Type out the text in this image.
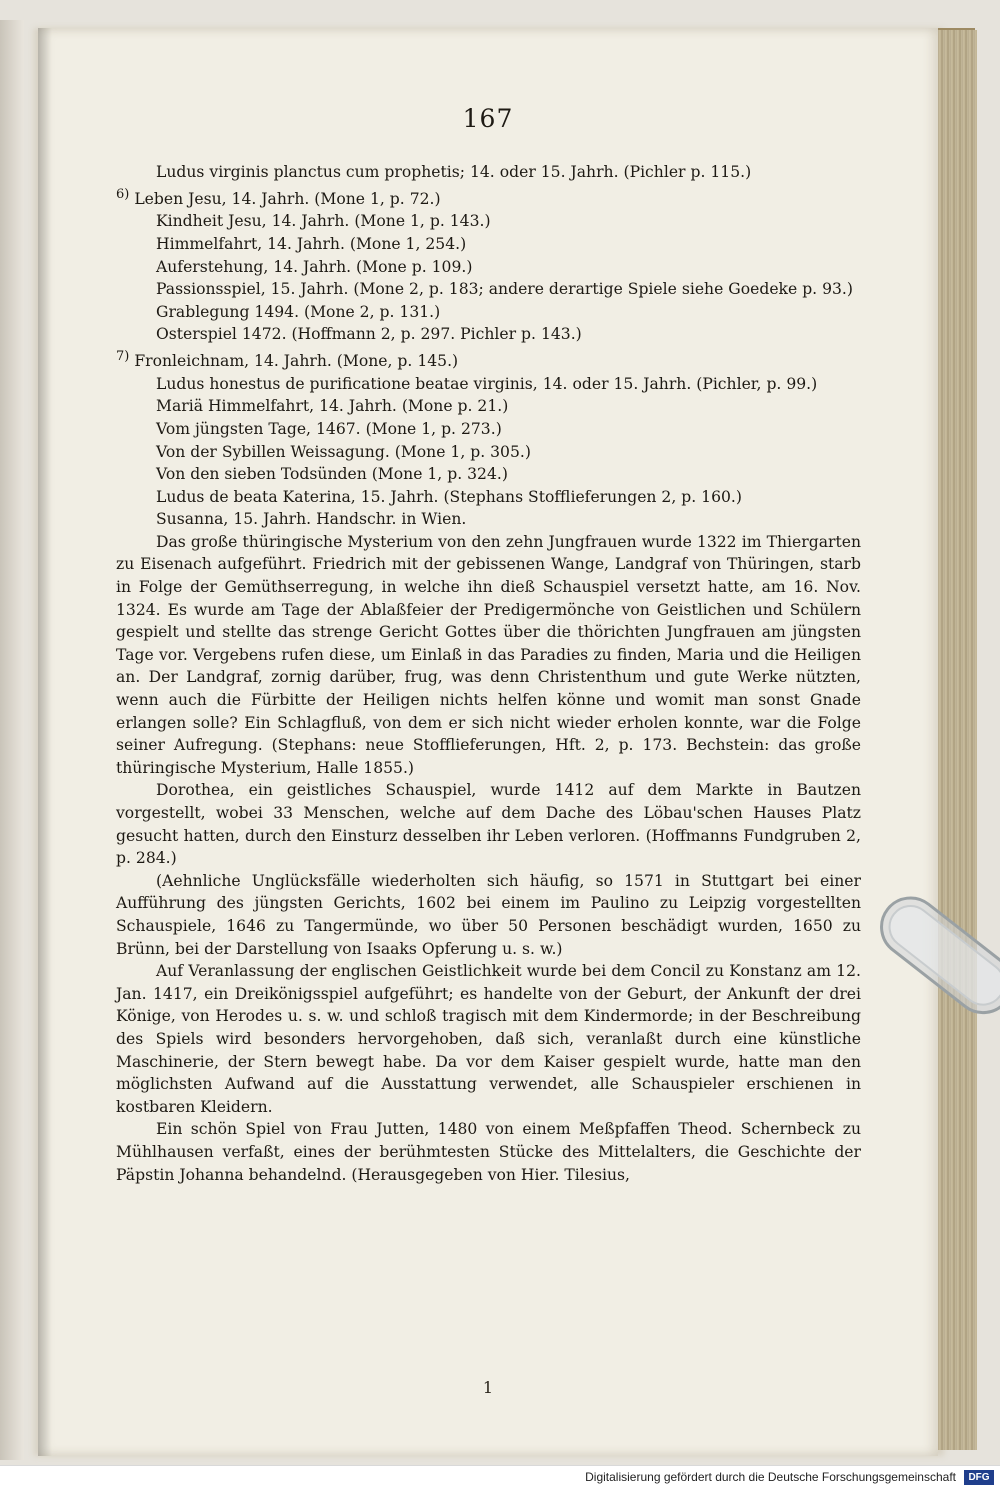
167

Ludus virginis planctus cum prophetis; 14. oder 15. Jahrh. (Pichler p. 115.)

$^{6)}$ Leben Jesu, 14. Jahrh. (Mone 1, p. 72.)

Kindheit Jesu, 14. Jahrh. (Mone 1, p. 143.)

Himmelfahrt, 14. Jahrh. (Mone 1, 254.)

Auferstehung, 14. Jahrh. (Mone p. 109.)

Passionsspiel, 15. Jahrh. (Mone 2, p. 183; andere derartige Spiele siehe Goedeke p. 93.)

Grablegung 1494. (Mone 2, p. 131.)

Osterspiel 1472. (Hoffmann 2, p. 297. Pichler p. 143.)

$^{7)}$ Fronleichnam, 14. Jahrh. (Mone, p. 145.)

Ludus honestus de purificatione beatae virginis, 14. oder 15. Jahrh. (Pichler, p. 99.)

Mariä Himmelfahrt, 14. Jahrh. (Mone p. 21.)

Vom jüngsten Tage, 1467. (Mone 1, p. 273.)

Von der Sybillen Weissagung. (Mone 1, p. 305.)

Von den sieben Todsünden (Mone 1, p. 324.)

Ludus de beata Katerina, 15. Jahrh. (Stephans Stofflieferungen 2, p. 160.)

Susanna, 15. Jahrh. Handschr. in Wien.

Das große thüringische Mysterium von den zehn Jungfrauen wurde 1322 im Thiergarten zu Eisenach aufgeführt. Friedrich mit der gebissenen Wange, Landgraf von Thüringen, starb in Folge der Gemüthserregung, in welche ihn dieß Schauspiel versetzt hatte, am 16. Nov. 1324. Es wurde am Tage der Ablaßfeier der Predigermönche von Geistlichen und Schülern gespielt und stellte das strenge Gericht Gottes über die thörichten Jungfrauen am jüngsten Tage vor. Vergebens rufen diese, um Einlaß in das Paradies zu finden, Maria und die Heiligen an. Der Landgraf, zornig darüber, frug, was denn Christenthum und gute Werke nützten, wenn auch die Fürbitte der Heiligen nichts helfen könne und womit man sonst Gnade erlangen solle? Ein Schlagfluß, von dem er sich nicht wieder erholen konnte, war die Folge seiner Aufregung. (Stephans: neue Stofflieferungen, Hft. 2, p. 173. Bechstein: das große thüringische Mysterium, Halle 1855.)

Dorothea, ein geistliches Schauspiel, wurde 1412 auf dem Markte in Bautzen vorgestellt, wobei 33 Menschen, welche auf dem Dache des Löbau'schen Hauses Platz gesucht hatten, durch den Einsturz desselben ihr Leben verloren. (Hoffmanns Fundgruben 2, p. 284.)

(Aehnliche Unglücksfälle wiederholten sich häufig, so 1571 in Stuttgart bei einer Aufführung des jüngsten Gerichts, 1602 bei einem im Paulino zu Leipzig vorgestellten Schauspiele, 1646 zu Tangermünde, wo über 50 Personen beschädigt wurden, 1650 zu Brünn, bei der Darstellung von Isaaks Opferung u. s. w.)

Auf Veranlassung der englischen Geistlichkeit wurde bei dem Concil zu Konstanz am 12. Jan. 1417, ein Dreikönigsspiel aufgeführt; es handelte von der Geburt, der Ankunft der drei Könige, von Herodes u. s. w. und schloß tragisch mit dem Kindermorde; in der Beschreibung des Spiels wird besonders hervorgehoben, daß sich, veranlaßt durch eine künstliche Maschinerie, der Stern bewegt habe. Da vor dem Kaiser gespielt wurde, hatte man den möglichsten Aufwand auf die Ausstattung verwendet, alle Schauspieler erschienen in kostbaren Kleidern.

Ein schön Spiel von Frau Jutten, 1480 von einem Meßpfaffen Theod. Schernbeck zu Mühlhausen verfaßt, eines der berühmtesten Stücke des Mittelalters, die Geschichte der Päpstin Johanna behandelnd. (Herausgegeben von Hier. Tilesius,

1
Digitalisierung gefördert durch die Deutsche Forschungsgemeinschaft	DFG
